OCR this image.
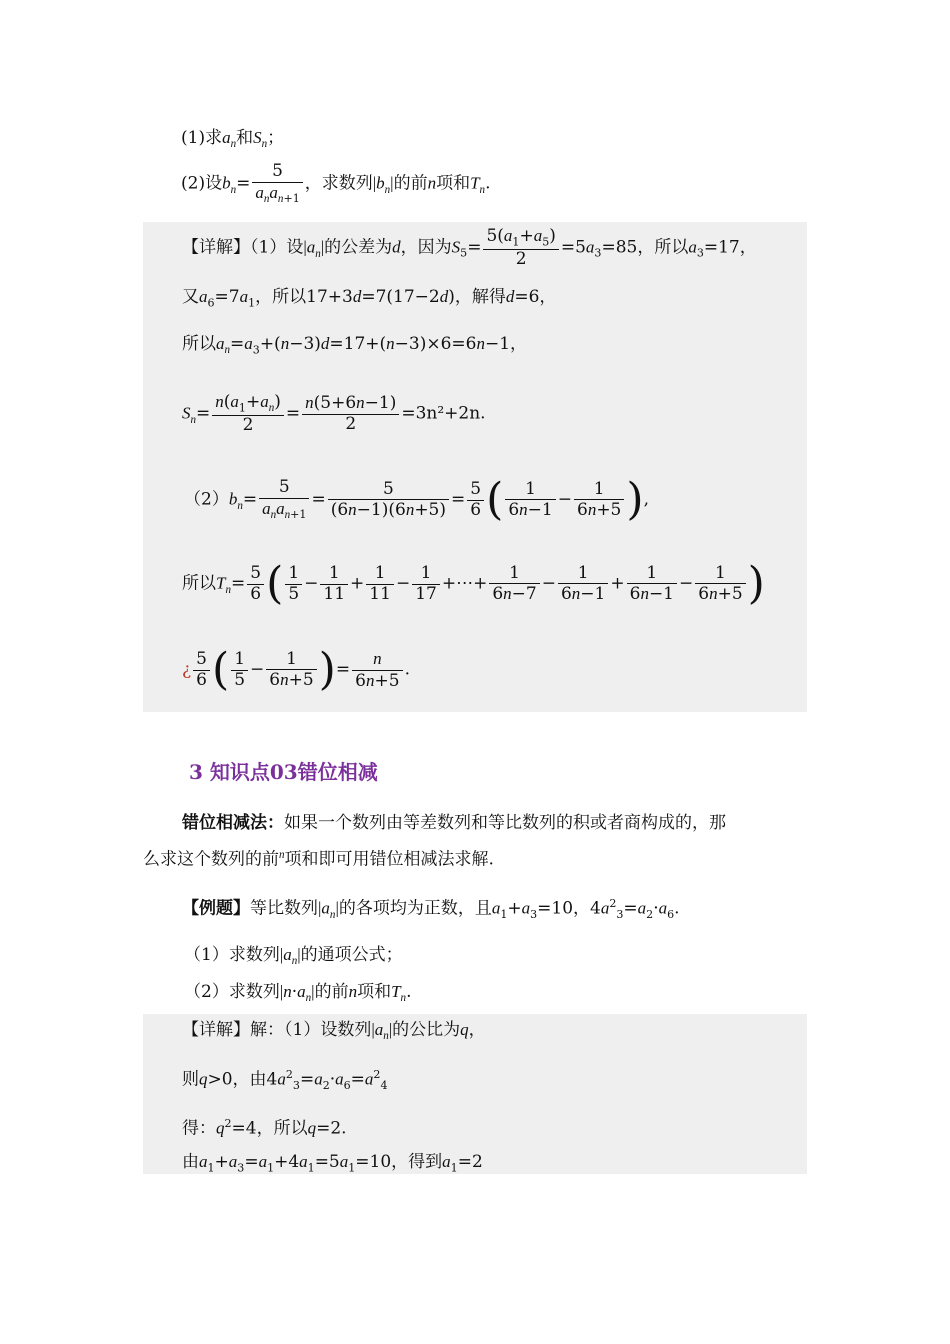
(1)求$a_n$和$S_n$；
(2)设$b_n= \frac{5}{a_na_{n+1}}$ ，求数列$|b_n|$的前n项和$T_n$.
【详解】（1）设$|a_n|$的公差为d，因为$S_5= \frac{5(a_1+a_5)}{2} =5a_3=85$，所以$a_3=17$，
又$a_6=7a_1$，所以17+3d=7(17−2d)，解得d=6，
所以$a_n=a_3+(n-3)d=17+(n-3)\times 6=6n-1$，
$S_n= \frac{n(a_1+a_n)}{2} = \frac{n(5+6n-1)}{2} =3n^2+2n$.
$(2)b_n= \frac{5}{a_na_{n+1}} = \frac{5}{(6n-1)(6n+5)} = \frac{5}{6}$ ( $\frac{1}{6n-1} - \frac{1}{6n+5}$ ),
所以$T_n= \frac{5}{6}$ ( $\frac{1}{5} - \frac{1}{11} + \frac{1}{11} - \frac{1}{17}$ +⋯+ $\frac{1}{6n-7} - \frac{1}{6n-1} + \frac{1}{6n-1} - \frac{1}{6n+5}$ )
¿ $\frac{5}{6}$ ( $\frac{1}{5} - \frac{1}{6n+5}$ )= $\frac{n}{6n+5}$ .
3 知识点03错位相减
错位相减法：如果一个数列由等差数列和等比数列的积或者商构成的，那
么求这个数列的前$^n$项和即可用错位相减法求解.
【例题】等比数列$|a_n|$的各项均为正数，且$a_1+a_3=10$，$4a^2_3=a_2\cdot a_6$.
（1）求数列$|a_n|$的通项公式；
（2）求数列$|n\cdot a_n|$的前n项和$T_n$.
【详解】解：（1）设数列$|a_n|$的公比为q，
则q>0，由$4a^2_3=a_2\cdot a_6=a^2_4$
得：$q^2=4$，所以q=2.
由$a_1+a_3=a_1+4a_1=5a_1=10$，得到$a_1=2$
